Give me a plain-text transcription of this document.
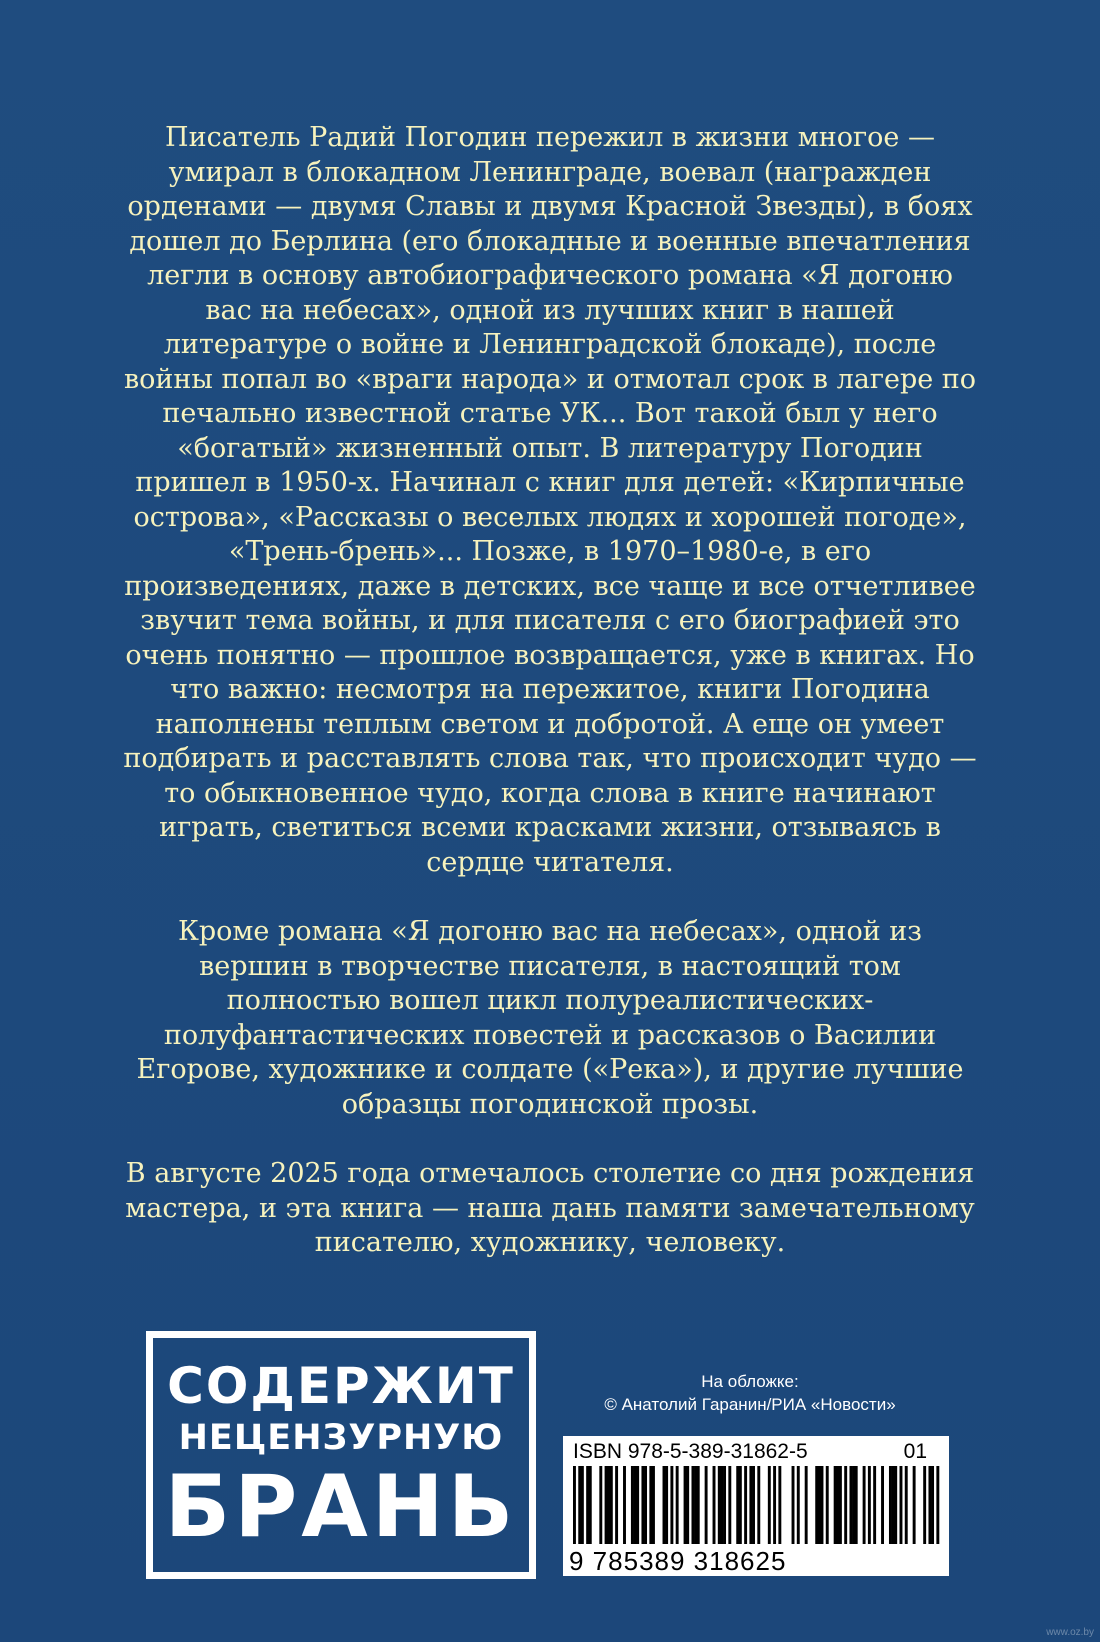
Писатель Радий Погодин пережил в жизни многое — умирал в блокадном Ленинграде, воевал (награжден орденами — двумя Славы и двумя Красной Звезды), в боях дошел до Берлина (его блокадные и военные впечатления легли в основу автобиографического романа «Я догоню вас на небесах», одной из лучших книг в нашей литературе о войне и Ленинградской блокаде), после войны попал во «враги народа» и отмотал срок в лагере по печально известной статье УК... Вот такой был у него «богатый» жизненный опыт. В литературу Погодин пришел в 1950-х. Начинал с книг для детей: «Кирпичные острова», «Рассказы о веселых людях и хорошей погоде», «Трень-брень»... Позже, в 1970–1980-е, в его произведениях, даже в детских, все чаще и все отчетливее звучит тема войны, и для писателя с его биографией это очень понятно — прошлое возвращается, уже в книгах. Но что важно: несмотря на пережитое, книги Погодина наполнены теплым светом и добротой. А еще он умеет подбирать и расставлять слова так, что происходит чудо — то обыкновенное чудо, когда слова в книге начинают играть, светиться всеми красками жизни, отзываясь в сердце читателя.

Кроме романа «Я догоню вас на небесах», одной из вершин в творчестве писателя, в настоящий том полностью вошел цикл полуреалистических-полуфантастических повестей и рассказов о Василии Егорове, художнике и солдате («Река»), и другие лучшие образцы погодинской прозы.

В августе 2025 года отмечалось столетие со дня рождения мастера, и эта книга — наша дань памяти замечательному писателю, художнику, человеку.

СОДЕРЖИТ
НЕЦЕНЗУРНУЮ
БРАНЬ
На обложке:
© Анатолий Гаранин/РИА «Новости»
ISBN 978-5-389-31862-5	01
9 785389 318625
www.oz.by
